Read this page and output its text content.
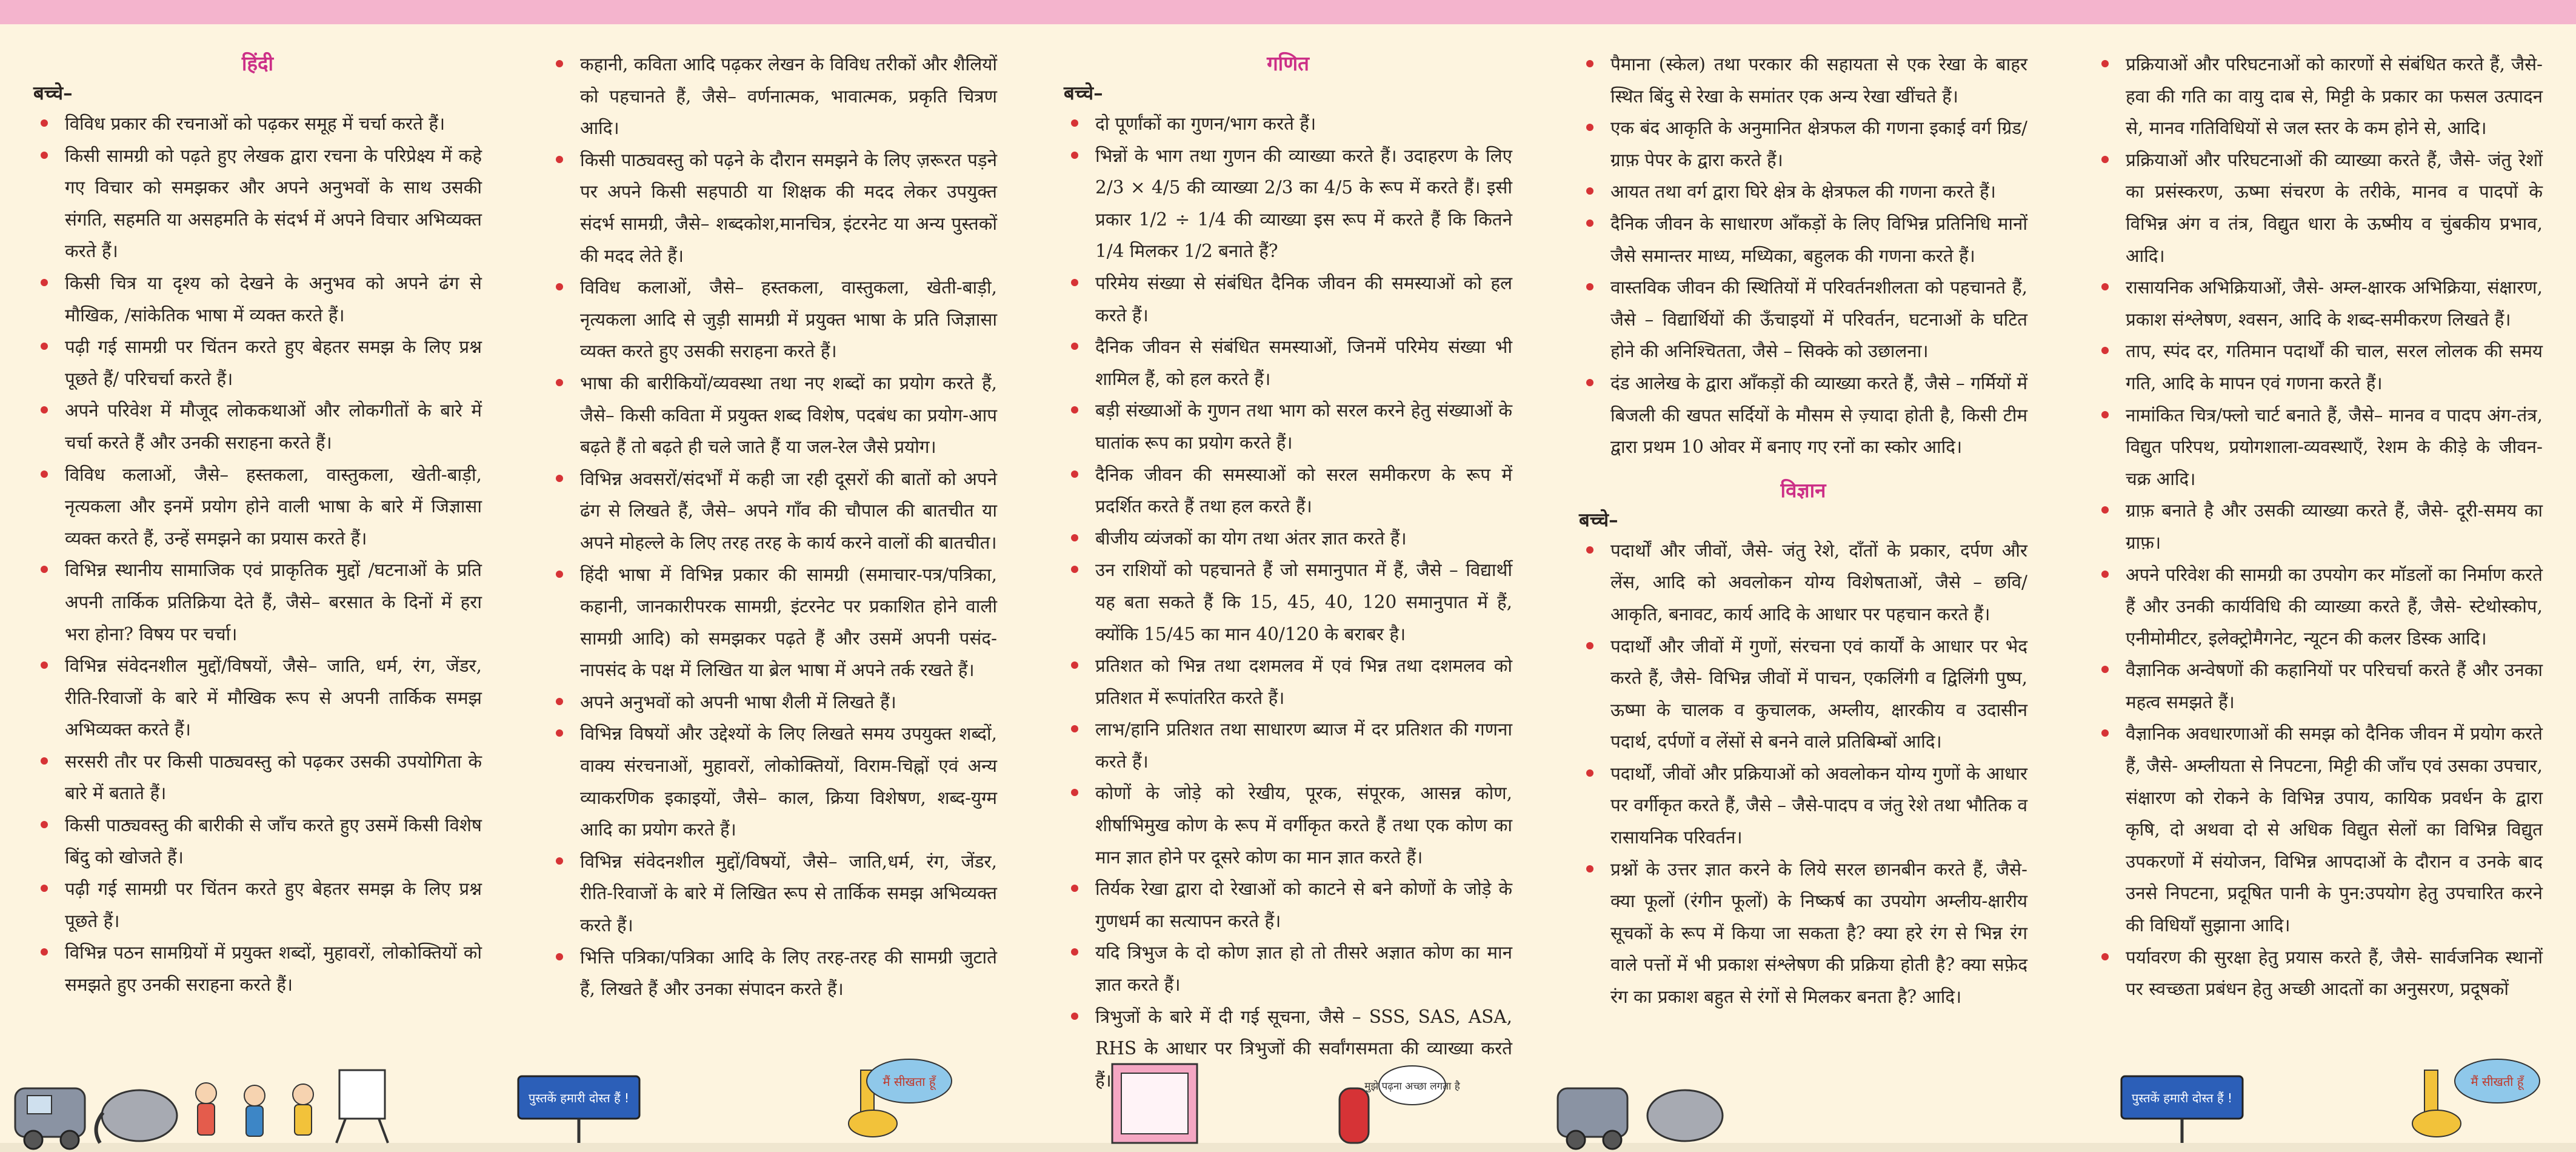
हिंदी
बच्चे–
विविध प्रकार की रचनाओं को पढ़कर समूह में चर्चा करते हैं।
किसी सामग्री को पढ़ते हुए लेखक द्वारा रचना के परिप्रेक्ष्य में कहे गए विचार को समझकर और अपने अनुभवों के साथ उसकी संगति, सहमति या असहमति के संदर्भ में अपने विचार अभिव्यक्त करते हैं।
किसी चित्र या दृश्य को देखने के अनुभव को अपने ढंग से मौखिक, /सांकेतिक भाषा में व्यक्त करते हैं।
पढ़ी गई सामग्री पर चिंतन करते हुए बेहतर समझ के लिए प्रश्न पूछते हैं/ परिचर्चा करते हैं।
अपने परिवेश में मौजूद लोककथाओं और लोकगीतों के बारे में चर्चा करते हैं और उनकी सराहना करते हैं।
विविध कलाओं, जैसे– हस्तकला, वास्तुकला, खेती-बाड़ी, नृत्यकला और इनमें प्रयोग होने वाली भाषा के बारे में जिज्ञासा व्यक्त करते हैं, उन्हें समझने का प्रयास करते हैं।
विभिन्न स्थानीय सामाजिक एवं प्राकृतिक मुद्दों /घटनाओं के प्रति अपनी तार्किक प्रतिक्रिया देते हैं, जैसे– बरसात के दिनों में हरा भरा होना? विषय पर चर्चा।
विभिन्न संवेदनशील मुद्दों/विषयों, जैसे– जाति, धर्म, रंग, जेंडर, रीति-रिवाजों के बारे में मौखिक रूप से अपनी तार्किक समझ अभिव्यक्त करते हैं।
सरसरी तौर पर किसी पाठ्यवस्तु को पढ़कर उसकी उपयोगिता के बारे में बताते हैं।
किसी पाठ्यवस्तु की बारीकी से जाँच करते हुए उसमें किसी विशेष बिंदु को खोजते हैं।
पढ़ी गई सामग्री पर चिंतन करते हुए बेहतर समझ के लिए प्रश्न पूछते हैं।
विभिन्न पठन सामग्रियों में प्रयुक्त शब्दों, मुहावरों, लोकोक्तियों को समझते हुए उनकी सराहना करते हैं।
कहानी, कविता आदि पढ़कर लेखन के विविध तरीकों और शैलियों को पहचानते हैं, जैसे– वर्णनात्मक, भावात्मक, प्रकृति चित्रण आदि।
किसी पाठ्यवस्तु को पढ़ने के दौरान समझने के लिए ज़रूरत पड़ने पर अपने किसी सहपाठी या शिक्षक की मदद लेकर उपयुक्त संदर्भ सामग्री, जैसे– शब्दकोश,मानचित्र, इंटरनेट या अन्य पुस्तकों की मदद लेते हैं।
विविध कलाओं, जैसे– हस्तकला, वास्तुकला, खेती-बाड़ी, नृत्यकला आदि से जुड़ी सामग्री में प्रयुक्त भाषा के प्रति जिज्ञासा व्यक्त करते हुए उसकी सराहना करते हैं।
भाषा की बारीकियों/व्यवस्था तथा नए शब्दों का प्रयोग करते हैं, जैसे– किसी कविता में प्रयुक्त शब्द विशेष, पदबंध का प्रयोग-आप बढ़ते हैं तो बढ़ते ही चले जाते हैं या जल-रेल जैसे प्रयोग।
विभिन्न अवसरों/संदर्भों में कही जा रही दूसरों की बातों को अपने ढंग से लिखते हैं, जैसे– अपने गाँव की चौपाल की बातचीत या अपने मोहल्ले के लिए तरह तरह के कार्य करने वालों की बातचीत।
हिंदी भाषा में विभिन्न प्रकार की सामग्री (समाचार-पत्र/पत्रिका, कहानी, जानकारीपरक सामग्री, इंटरनेट पर प्रकाशित होने वाली सामग्री आदि) को समझकर पढ़ते हैं और उसमें अपनी पसंद-नापसंद के पक्ष में लिखित या ब्रेल भाषा में अपने तर्क रखते हैं।
अपने अनुभवों को अपनी भाषा शैली में लिखते हैं।
विभिन्न विषयों और उद्देश्यों के लिए लिखते समय उपयुक्त शब्दों, वाक्य संरचनाओं, मुहावरों, लोकोक्तियों, विराम-चिह्नों एवं अन्य व्याकरणिक इकाइयों, जैसे– काल, क्रिया विशेषण, शब्द-युग्म आदि का प्रयोग करते हैं।
विभिन्न संवेदनशील मुद्दों/विषयों, जैसे– जाति,धर्म, रंग, जेंडर, रीति-रिवाजों के बारे में लिखित रूप से तार्किक समझ अभिव्यक्त करते हैं।
भित्ति पत्रिका/पत्रिका आदि के लिए तरह-तरह की सामग्री जुटाते हैं, लिखते हैं और उनका संपादन करते हैं।
गणित
बच्चे–
दो पूर्णांकों का गुणन/भाग करते हैं।
भिन्नों के भाग तथा गुणन की व्याख्या करते हैं। उदाहरण के लिए 2/3 × 4/5 की व्याख्या 2/3 का 4/5 के रूप में करते हैं। इसी प्रकार 1/2 ÷ 1/4 की व्याख्या इस रूप में करते हैं कि कितने 1/4 मिलकर 1/2 बनाते हैं?
परिमेय संख्या से संबंधित दैनिक जीवन की समस्याओं को हल करते हैं।
दैनिक जीवन से संबंधित समस्याओं, जिनमें परिमेय संख्या भी शामिल हैं, को हल करते हैं।
बड़ी संख्याओं के गुणन तथा भाग को सरल करने हेतु संख्याओं के घातांक रूप का प्रयोग करते हैं।
दैनिक जीवन की समस्याओं को सरल समीकरण के रूप में प्रदर्शित करते हैं तथा हल करते हैं।
बीजीय व्यंजकों का योग तथा अंतर ज्ञात करते हैं।
उन राशियों को पहचानते हैं जो समानुपात में हैं, जैसे – विद्यार्थी यह बता सकते हैं कि 15, 45, 40, 120 समानुपात में हैं, क्योंकि 15/45 का मान 40/120 के बराबर है।
प्रतिशत को भिन्न तथा दशमलव में एवं भिन्न तथा दशमलव को प्रतिशत में रूपांतरित करते हैं।
लाभ/हानि प्रतिशत तथा साधारण ब्याज में दर प्रतिशत की गणना करते हैं।
कोणों के जोड़े को रेखीय, पूरक, संपूरक, आसन्न कोण, शीर्षाभिमुख कोण के रूप में वर्गीकृत करते हैं तथा एक कोण का मान ज्ञात होने पर दूसरे कोण का मान ज्ञात करते हैं।
तिर्यक रेखा द्वारा दो रेखाओं को काटने से बने कोणों के जोड़े के गुणधर्म का सत्यापन करते हैं।
यदि त्रिभुज के दो कोण ज्ञात हो तो तीसरे अज्ञात कोण का मान ज्ञात करते हैं।
त्रिभुजों के बारे में दी गई सूचना, जैसे – SSS, SAS, ASA, RHS के आधार पर त्रिभुजों की सर्वांगसमता की व्याख्या करते हैं।
पैमाना (स्केल) तथा परकार की सहायता से एक रेखा के बाहर स्थित बिंदु से रेखा के समांतर एक अन्य रेखा खींचते हैं।
एक बंद आकृति के अनुमानित क्षेत्रफल की गणना इकाई वर्ग ग्रिड/ ग्राफ़ पेपर के द्वारा करते हैं।
आयत तथा वर्ग द्वारा घिरे क्षेत्र के क्षेत्रफल की गणना करते हैं।
दैनिक जीवन के साधारण आँकड़ों के लिए विभिन्न प्रतिनिधि मानों जैसे समान्तर माध्य, मध्यिका, बहुलक की गणना करते हैं।
वास्तविक जीवन की स्थितियों में परिवर्तनशीलता को पहचानते हैं, जैसे – विद्यार्थियों की ऊँचाइयों में परिवर्तन, घटनाओं के घटित होने की अनिश्चितता, जैसे – सिक्के को उछालना।
दंड आलेख के द्वारा आँकड़ों की व्याख्या करते हैं, जैसे – गर्मियों में बिजली की खपत सर्दियों के मौसम से ज़्यादा होती है, किसी टीम द्वारा प्रथम 10 ओवर में बनाए गए रनों का स्कोर आदि।
विज्ञान
बच्चे–
पदार्थों और जीवों, जैसे- जंतु रेशे, दाँतों के प्रकार, दर्पण और लेंस, आदि को अवलोकन योग्य विशेषताओं, जैसे – छवि/ आकृति, बनावट, कार्य आदि के आधार पर पहचान करते हैं।
पदार्थों और जीवों में गुणों, संरचना एवं कार्यों के आधार पर भेद करते हैं, जैसे- विभिन्न जीवों में पाचन, एकलिंगी व द्विलिंगी पुष्प, ऊष्मा के चालक व कुचालक, अम्लीय, क्षारकीय व उदासीन पदार्थ, दर्पणों व लेंसों से बनने वाले प्रतिबिम्बों आदि।
पदार्थों, जीवों और प्रक्रियाओं को अवलोकन योग्य गुणों के आधार पर वर्गीकृत करते हैं, जैसे – जैसे-पादप व जंतु रेशे तथा भौतिक व रासायनिक परिवर्तन।
प्रश्नों के उत्तर ज्ञात करने के लिये सरल छानबीन करते हैं, जैसे- क्या फूलों (रंगीन फूलों) के निष्कर्ष का उपयोग अम्लीय-क्षारीय सूचकों के रूप में किया जा सकता है? क्या हरे रंग से भिन्न रंग वाले पत्तों में भी प्रकाश संश्लेषण की प्रक्रिया होती है? क्या सफ़ेद रंग का प्रकाश बहुत से रंगों से मिलकर बनता है? आदि।
प्रक्रियाओं और परिघटनाओं को कारणों से संबंधित करते हैं, जैसे- हवा की गति का वायु दाब से, मिट्टी के प्रकार का फसल उत्पादन से, मानव गतिविधियों से जल स्तर के कम होने से, आदि।
प्रक्रियाओं और परिघटनाओं की व्याख्या करते हैं, जैसे- जंतु रेशों का प्रसंस्करण, ऊष्मा संचरण के तरीके, मानव व पादपों के विभिन्न अंग व तंत्र, विद्युत धारा के ऊष्मीय व चुंबकीय प्रभाव, आदि।
रासायनिक अभिक्रियाओं, जैसे- अम्ल-क्षारक अभिक्रिया, संक्षारण, प्रकाश संश्लेषण, श्वसन, आदि के शब्द-समीकरण लिखते हैं।
ताप, स्पंद दर, गतिमान पदार्थों की चाल, सरल लोलक की समय गति, आदि के मापन एवं गणना करते हैं।
नामांकित चित्र/फ्लो चार्ट बनाते हैं, जैसे– मानव व पादप अंग-तंत्र, विद्युत परिपथ, प्रयोगशाला-व्यवस्थाएँ, रेशम के कीड़े के जीवन-चक्र आदि।
ग्राफ़ बनाते है और उसकी व्याख्या करते हैं, जैसे- दूरी-समय का ग्राफ़।
अपने परिवेश की सामग्री का उपयोग कर मॉडलों का निर्माण करते हैं और उनकी कार्यविधि की व्याख्या करते हैं, जैसे- स्टेथोस्कोप, एनीमोमीटर, इलेक्ट्रोमैगनेट, न्यूटन की कलर डिस्क आदि।
वैज्ञानिक अन्वेषणों की कहानियों पर परिचर्चा करते हैं और उनका महत्व समझते हैं।
वैज्ञानिक अवधारणाओं की समझ को दैनिक जीवन में प्रयोग करते हैं, जैसे- अम्लीयता से निपटना, मिट्टी की जाँच एवं उसका उपचार, संक्षारण को रोकने के विभिन्न उपाय, कायिक प्रवर्धन के द्वारा कृषि, दो अथवा दो से अधिक विद्युत सेलों का विभिन्न विद्युत उपकरणों में संयोजन, विभिन्न आपदाओं के दौरान व उनके बाद उनसे निपटना, प्रदूषित पानी के पुन:उपयोग हेतु उपचारित करने की विधियाँ सुझाना आदि।
पर्यावरण की सुरक्षा हेतु प्रयास करते हैं, जैसे- सार्वजनिक स्थानों पर स्वच्छता प्रबंधन हेतु अच्छी आदतों का अनुसरण, प्रदूषकों
पुस्तकें हमारी दोस्त हैं !
मैं सीखता हूँ	मुझे पढ़ना अच्छा लगता है
पुस्तकें हमारी दोस्त हैं !
मैं सीखती हूँ
